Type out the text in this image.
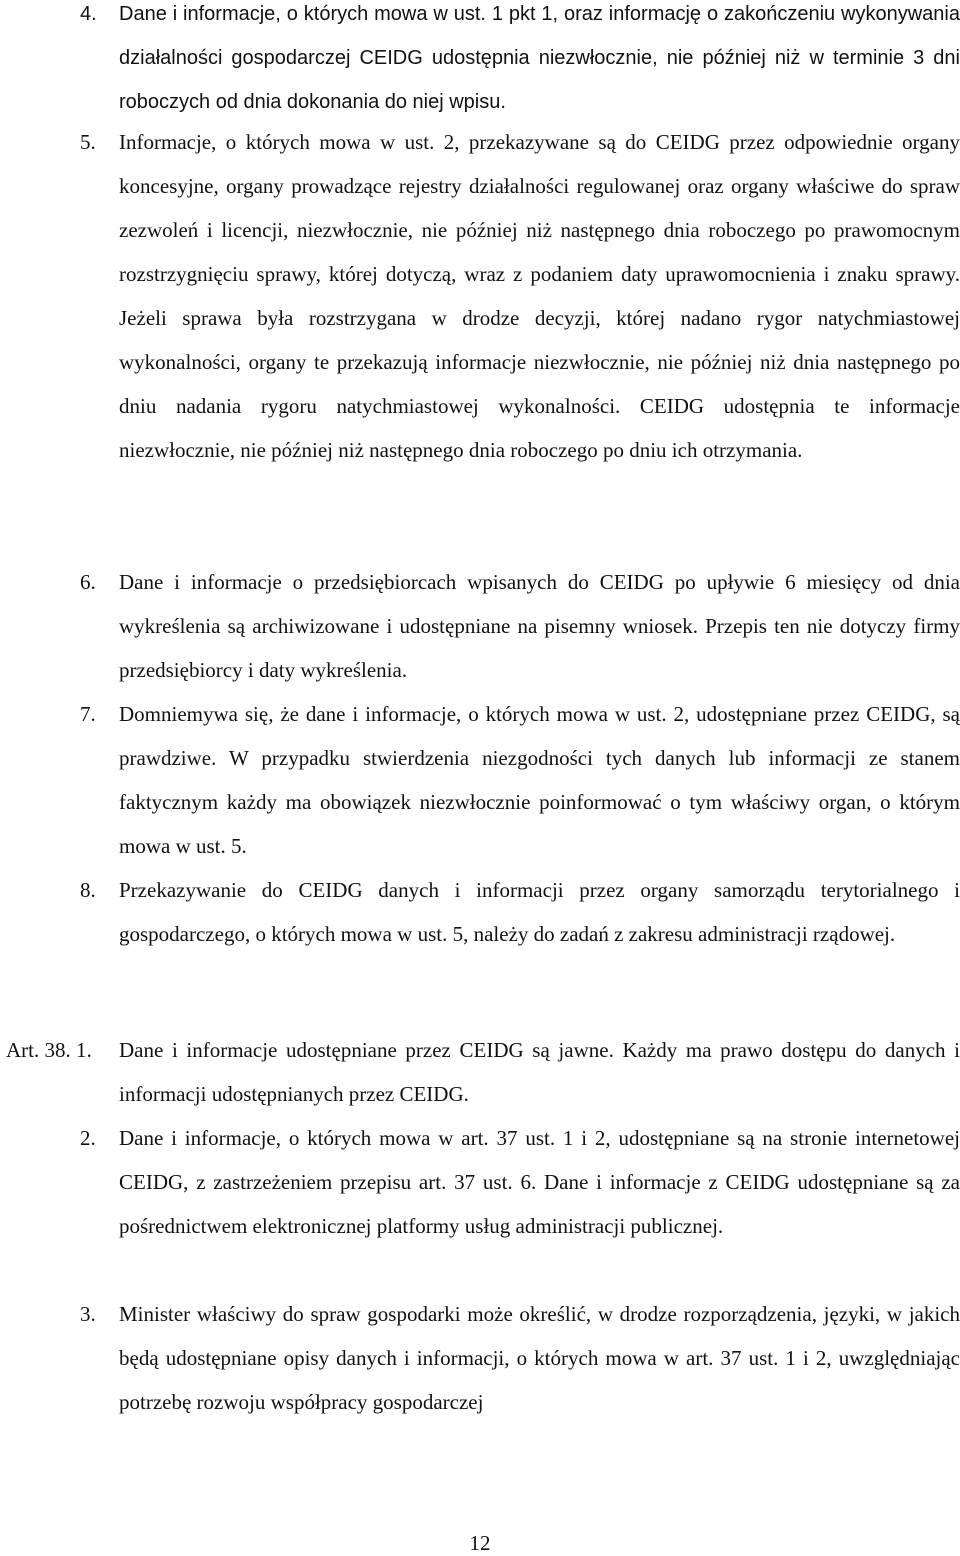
4. Dane i informacje, o których mowa w ust. 1 pkt 1, oraz informację o zakończeniu wykonywania działalności gospodarczej CEIDG udostępnia niezwłocznie, nie później niż w terminie 3 dni roboczych od dnia dokonania do niej wpisu.
5. Informacje, o których mowa w ust. 2, przekazywane są do CEIDG przez odpowiednie organy koncesyjne, organy prowadzące rejestry działalności regulowanej oraz organy właściwe do spraw zezwoleń i licencji, niezwłocznie, nie później niż następnego dnia roboczego po prawomocnym rozstrzygnięciu sprawy, której dotyczą, wraz z podaniem daty uprawomocnienia i znaku sprawy. Jeżeli sprawa była rozstrzygana w drodze decyzji, której nadano rygor natychmiastowej wykonalności, organy te przekazują informacje niezwłocznie, nie później niż dnia następnego po dniu nadania rygoru natychmiastowej wykonalności. CEIDG udostępnia te informacje niezwłocznie, nie później niż następnego dnia roboczego po dniu ich otrzymania.
6. Dane i informacje o przedsiębiorcach wpisanych do CEIDG po upływie 6 miesięcy od dnia wykreślenia są archiwizowane i udostępniane na pisemny wniosek. Przepis ten nie dotyczy firmy przedsiębiorcy i daty wykreślenia.
7. Domniemywa się, że dane i informacje, o których mowa w ust. 2, udostępniane przez CEIDG, są prawdziwe. W przypadku stwierdzenia niezgodności tych danych lub informacji ze stanem faktycznym każdy ma obowiązek niezwłocznie poinformować o tym właściwy organ, o którym mowa w ust. 5.
8. Przekazywanie do CEIDG danych i informacji przez organy samorządu terytorialnego i gospodarczego, o których mowa w ust. 5, należy do zadań z zakresu administracji rządowej.
Art. 38. 1. Dane i informacje udostępniane przez CEIDG są jawne. Każdy ma prawo dostępu do danych i informacji udostępnianych przez CEIDG.
2. Dane i informacje, o których mowa w art. 37 ust. 1 i 2, udostępniane są na stronie internetowej CEIDG, z zastrzeżeniem przepisu art. 37 ust. 6. Dane i informacje z CEIDG udostępniane są za pośrednictwem elektronicznej platformy usług administracji publicznej.
3. Minister właściwy do spraw gospodarki może określić, w drodze rozporządzenia, języki, w jakich będą udostępniane opisy danych i informacji, o których mowa w art. 37 ust. 1 i 2, uwzględniając potrzebę rozwoju współpracy gospodarczej
12
